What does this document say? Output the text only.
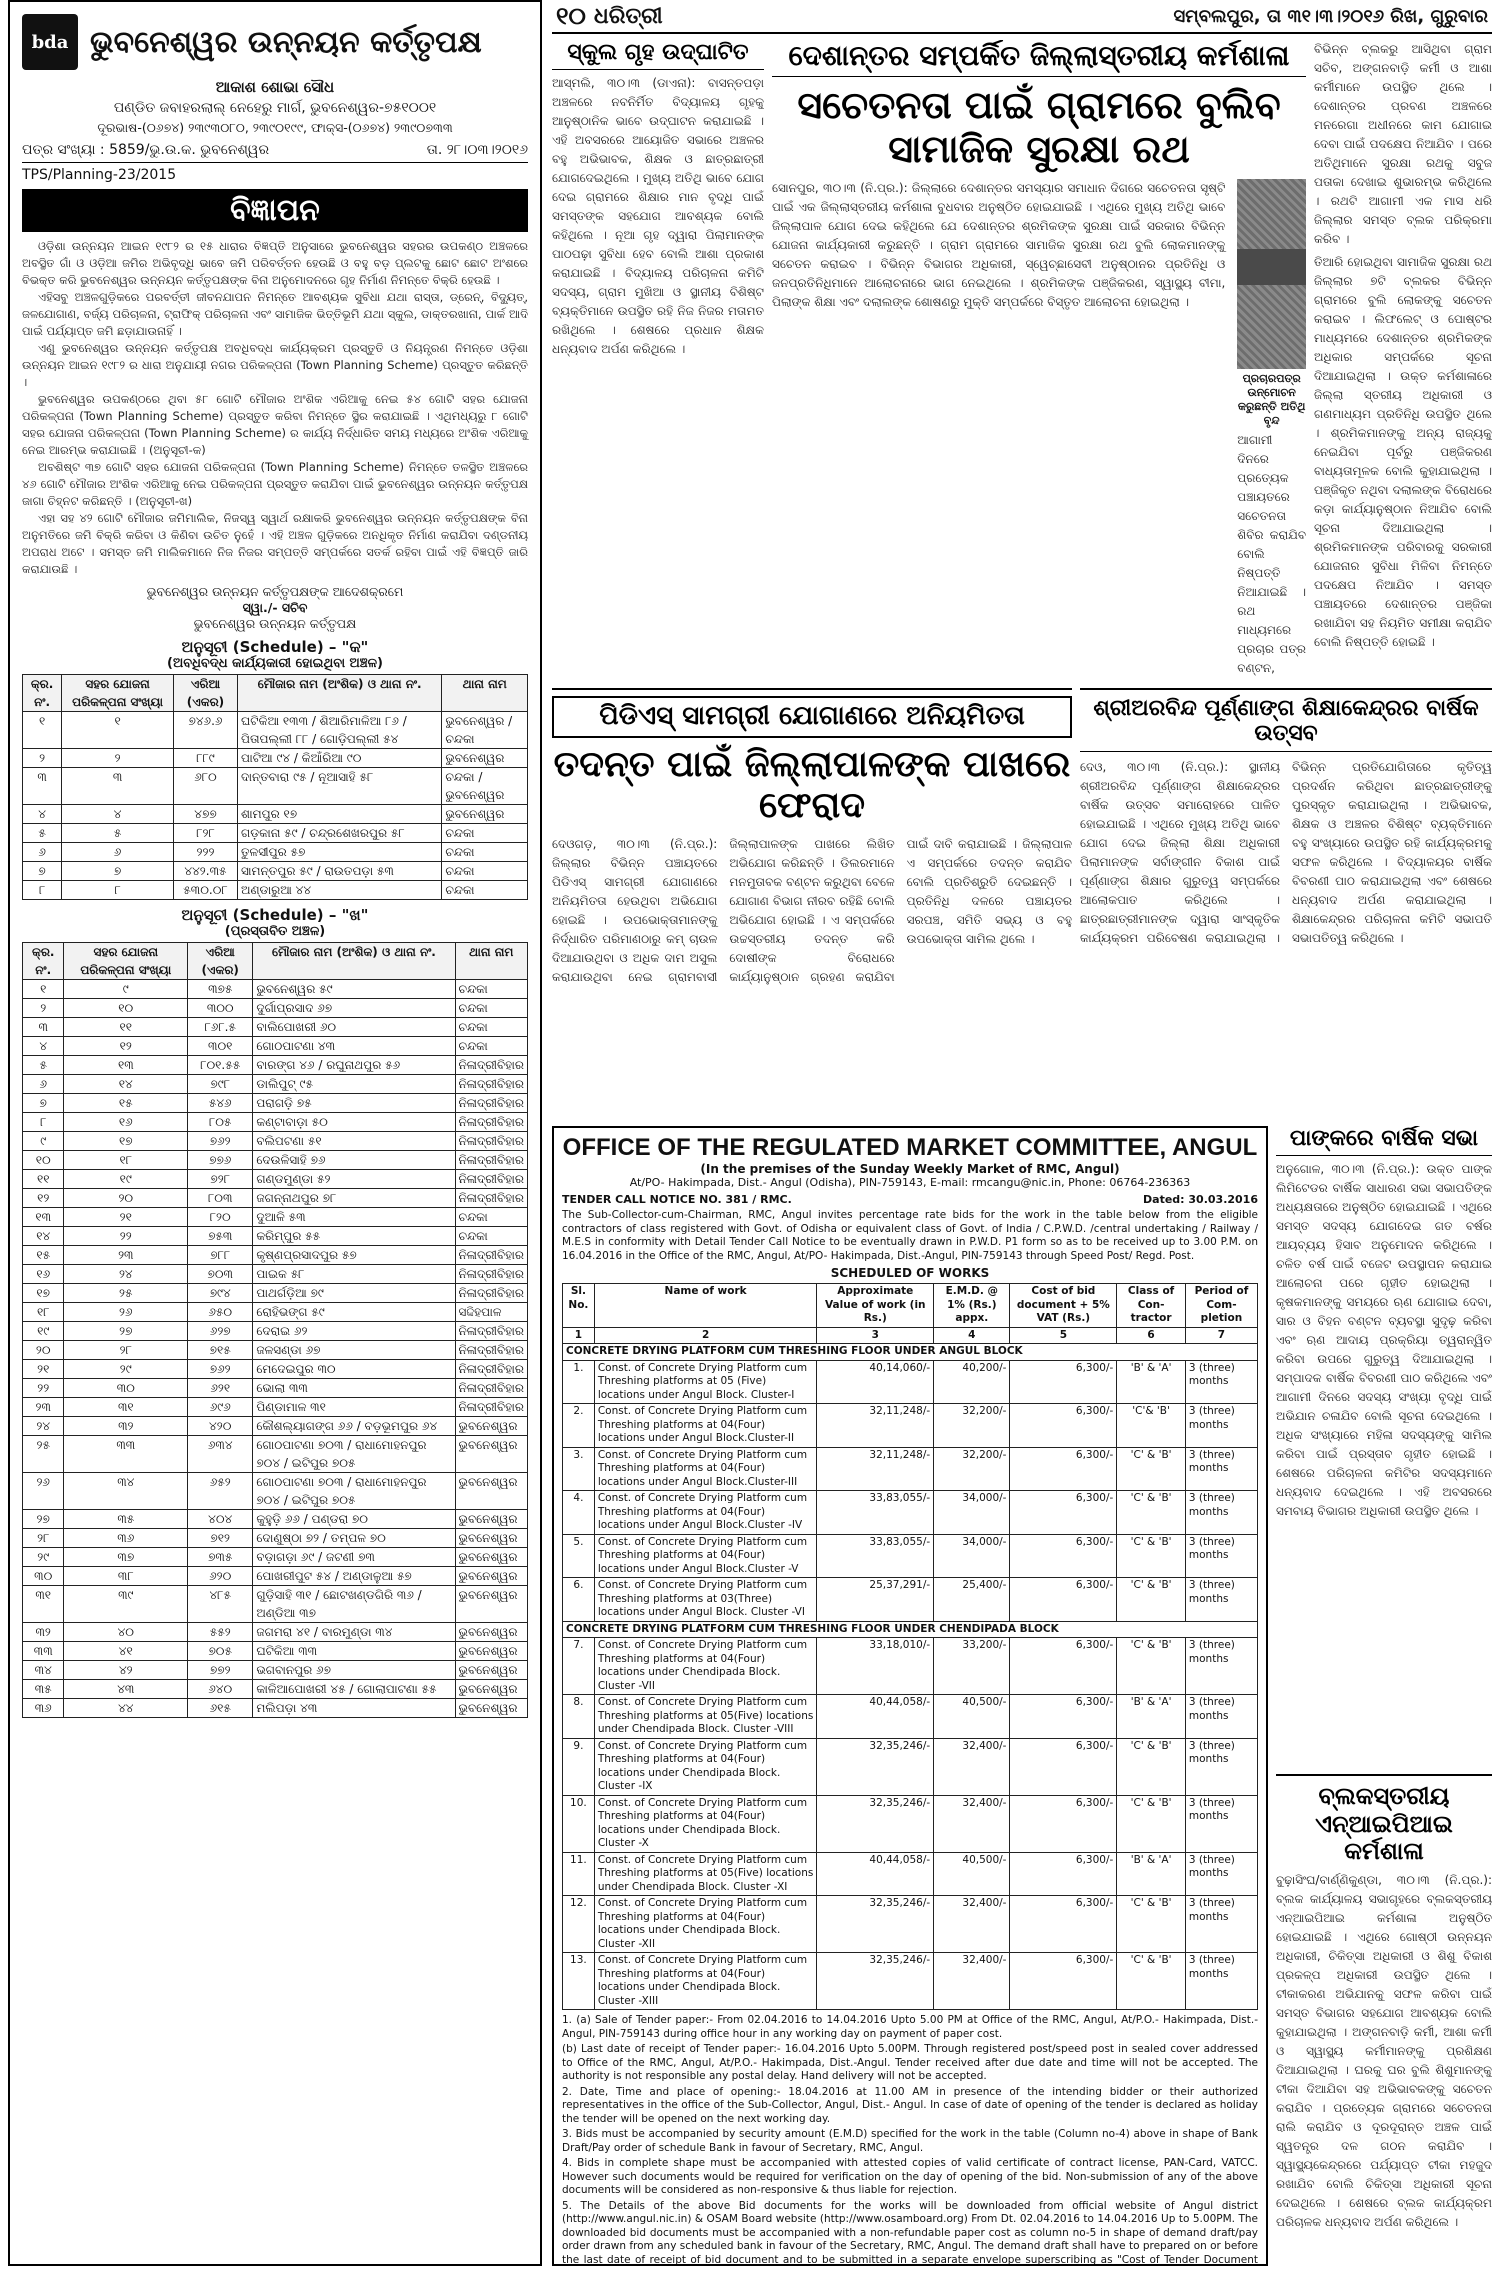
bda ଭୁବନେଶ୍ୱର ଉନ୍ନୟନ କର୍ତ୍ତୃପକ୍ଷ
ଆକାଶ ଶୋଭା ସୌଧ
ପଣ୍ଡିତ ଜବାହରଲାଲ୍ ନେହେରୁ ମାର୍ଗ, ଭୁବନେଶ୍ୱର-୭୫୧୦୦୧
ଦୂରଭାଷ-(୦୬୭୪) ୨୩୯୩୦୮୦, ୨୩୯୦୧୯୯, ଫାକ୍ସ-(୦୬୭୪) ୨୩୯୦୭୩୩
ପତ୍ର ସଂଖ୍ୟା : 5859/ଭୁ.ଉ.କ. ଭୁବନେଶ୍ୱର	ତା. ୨୮।୦୩।୨୦୧୬
TPS/Planning-23/2015
ବିଜ୍ଞାପନ

ଓଡ଼ିଶା ଉନ୍ନୟନ ଆଇନ ୧୯୮୨ ର ୧୫ ଧାରାର ବିଜ୍ଞପ୍ତି ଅନୁସାରେ ଭୁବନେଶ୍ୱର ସହରର ଉପକଣ୍ଠ ଅଞ୍ଚଳରେ ଅବସ୍ଥିତ ଗାଁ ଓ ଓଡ଼ିଆ ଜମିର ଅଭିବୃଦ୍ଧି ଭାବେ ଜମି ପରିବର୍ତ୍ତନ ହେଉଛି ଓ ବହୁ ବଡ଼ ପ୍ଲଟକୁ ଛୋଟ ଛୋଟ ଅଂଶରେ ବିଭକ୍ତ କରି ଭୁବନେଶ୍ୱର ଉନ୍ନୟନ କର୍ତ୍ତୃପକ୍ଷଙ୍କ ବିନା ଅନୁମୋଦନରେ ଗୃହ ନିର୍ମାଣ ନିମନ୍ତେ ବିକ୍ରି ହେଉଛି ।

ଏହିସବୁ ଅଞ୍ଚଳଗୁଡ଼ିକରେ ପରବର୍ତ୍ତୀ ଜୀବନଯାପନ ନିମନ୍ତେ ଆବଶ୍ୟକ ସୁବିଧା ଯଥା ରାସ୍ତା, ଡ୍ରେନ୍, ବିଦ୍ୟୁତ୍, ଜଳଯୋଗାଣ, ବର୍ଜ୍ୟ ପରିଚାଳନା, ଟ୍ରାଫିକ୍ ପରିଚାଳନା ଏବଂ ସାମାଜିକ ଭିତ୍ତିଭୂମି ଯଥା ସ୍କୁଲ, ଡାକ୍ତରଖାନା, ପାର୍କ ଆଦି ପାଇଁ ପର୍ଯ୍ୟାପ୍ତ ଜମି ଛଡ଼ାଯାଉନାହିଁ ।

ଏଣୁ ଭୁବନେଶ୍ୱର ଉନ୍ନୟନ କର୍ତ୍ତୃପକ୍ଷ ଅବଧିବଦ୍ଧ କାର୍ଯ୍ୟକ୍ରମ ପ୍ରସ୍ତୁତି ଓ ନିୟନ୍ତ୍ରଣ ନିମନ୍ତେ ଓଡ଼ିଶା ଉନ୍ନୟନ ଆଇନ ୧୯୮୨ ର ଧାରା ଅନୁଯାୟୀ ନଗର ପରିକଳ୍ପନା (Town Planning Scheme) ପ୍ରସ୍ତୁତ କରିଛନ୍ତି ।

ଭୁବନେଶ୍ୱର ଉପକଣ୍ଠରେ ଥିବା ୫୮ ଗୋଟି ମୌଜାର ଅଂଶିକ ଏରିଆକୁ ନେଇ ୫୪ ଗୋଟି ସହର ଯୋଜନା ପରିକଳ୍ପନା (Town Planning Scheme) ପ୍ରସ୍ତୁତ କରିବା ନିମନ୍ତେ ସ୍ଥିର କରାଯାଇଛି । ଏଥିମଧ୍ୟରୁ ୮ ଗୋଟି ସହର ଯୋଜନା ପରିକଳ୍ପନା (Town Planning Scheme) ର କାର୍ଯ୍ୟ ନିର୍ଦ୍ଧାରିତ ସମୟ ମଧ୍ୟରେ ଅଂଶିକ ଏରିଆକୁ ନେଇ ଆରମ୍ଭ କରାଯାଇଛି । (ଅନୁସୂଚୀ-କ)

ଅବଶିଷ୍ଟ ୩୭ ଗୋଟି ସହର ଯୋଜନା ପରିକଳ୍ପନା (Town Planning Scheme) ନିମନ୍ତେ ତଳସ୍ଥିତ ଅଞ୍ଚଳରେ ୪୬ ଗୋଟି ମୌଜାର ଅଂଶିକ ଏରିଆକୁ ନେଇ ପରିକଳ୍ପନା ପ୍ରସ୍ତୁତ କରାଯିବା ପାଇଁ ଭୁବନେଶ୍ୱର ଉନ୍ନୟନ କର୍ତ୍ତୃପକ୍ଷ ଜାଗା ଚିହ୍ନଟ କରିଛନ୍ତି । (ଅନୁସୂଚୀ-ଖ)

ଏହା ସହ ୪୨ ଗୋଟି ମୌଜାର ଜମିମାଲିକ, ନିଜସ୍ୱ ସ୍ୱାର୍ଥ ରକ୍ଷାକରି ଭୁବନେଶ୍ୱର ଉନ୍ନୟନ କର୍ତ୍ତୃପକ୍ଷଙ୍କ ବିନା ଅନୁମତିରେ ଜମି ବିକ୍ରି କରିବା ଓ କିଣିବା ଉଚିତ ନୁହେଁ । ଏହି ଅଞ୍ଚଳ ଗୁଡ଼ିକରେ ଅନଧିକୃତ ନିର୍ମାଣ କରାଯିବା ଦଣ୍ଡନୀୟ ଅପରାଧ ଅଟେ । ସମସ୍ତ ଜମି ମାଲିକମାନେ ନିଜ ନିଜର ସମ୍ପତ୍ତି ସମ୍ପର୍କରେ ସତର୍କ ରହିବା ପାଇଁ ଏହି ବିଜ୍ଞପ୍ତି ଜାରି କରାଯାଉଛି ।

ଭୁବନେଶ୍ୱର ଉନ୍ନୟନ କର୍ତ୍ତୃପକ୍ଷଙ୍କ ଆଦେଶକ୍ରମେ
ସ୍ୱା./- ସଚିବ
ଭୁବନେଶ୍ୱର ଉନ୍ନୟନ କର୍ତ୍ତୃପକ୍ଷ
ଅନୁସୂଚୀ (Schedule) – "କ"
(ଅବଧିବଦ୍ଧ କାର୍ଯ୍ୟକାରୀ ହୋଇଥିବା ଅଞ୍ଚଳ)
କ୍ର. ନଂ.	ସହର ଯୋଜନା ପରିକଳ୍ପନା ସଂଖ୍ୟା	ଏରିଆ (ଏକର)	ମୌଜାର ନାମ (ଅଂଶିକ) ଓ ଥାନା ନଂ.	ଥାନା ନାମ
୧	୧	୭୪୬.୬	ଘଟିକିଆ ୧୩୩ / ଶିଆରିମାଳିଆ ୮୬ / ପିତାପଲ୍ଲୀ ୮୮ / ଗୋଡ଼ିପଲ୍ଲୀ ୫୪	ଭୁବନେଶ୍ୱର / ଚନ୍ଦକା
୨	୨	୮୮୯	ପାଟିଆ ୯୪ / କିଆଁରିଆ ୯୦	ଭୁବନେଶ୍ୱର
୩	୩	୬୮୦	ଦାନ୍ତବାରା ୯୫ / ନୂଆସାହି ୫୮	ଚନ୍ଦକା / ଭୁବନେଶ୍ୱର
୪	୪	୪୭୭	ଶାମପୁର ୧୭	ଭୁବନେଶ୍ୱର
୫	୫	୮୨୮	ଗଡ଼କାନା ୫୯ / ଚନ୍ଦ୍ରଶେଖରପୁର ୫୮	ଚନ୍ଦକା
୬	୬	୨୨୨	ତୁଳସୀପୁର ୫୭	ଚନ୍ଦକା
୭	୭	୪୪୨.୩୫	ସାମନ୍ତପୁର ୫୯ / ରାଉତପଡ଼ା ୫୩	ଚନ୍ଦକା
୮	୮	୫୩୦.୦୮	ଅଣ୍ଡାରୁଆ ୪୪	ଚନ୍ଦକା
ଅନୁସୂଚୀ (Schedule) – "ଖ"
(ପ୍ରସ୍ତାବିତ ଅଞ୍ଚଳ)
କ୍ର. ନଂ.	ସହର ଯୋଜନା ପରିକଳ୍ପନା ସଂଖ୍ୟା	ଏରିଆ (ଏକର)	ମୌଜାର ନାମ (ଅଂଶିକ) ଓ ଥାନା ନଂ.	ଥାନା ନାମ
୧	୯	୩୭୫	ଭୁବନେଶ୍ୱର ୫୯	ଚନ୍ଦକା
୨	୧୦	୩୦୦	ଦୁର୍ଗାପ୍ରସାଦ ୬୭	ଚନ୍ଦକା
୩	୧୧	୮୬୮.୫	ବାଲିପୋଖରୀ ୬୦	ଚନ୍ଦକା
୪	୧୨	୩୦୧	ଗୋଠପାଟଣା ୪୩	ଚନ୍ଦକା
୫	୧୩	୮୦୧.୫୫	ବାରଙ୍ଗ ୪୬ / ରଘୁନାଥପୁର ୫୬	ନିଳାଦ୍ରୀବିହାର
୬	୧୪	୭୯୮	ଡାଲିପୁଟ୍ ୯୫	ନିଳାଦ୍ରୀବିହାର
୭	୧୫	୫୪୬	ପରାଗଡ଼ି ୭୫	ନିଳାଦ୍ରୀବିହାର
୮	୧୬	୮୦୫	କଣ୍ଟାବାଡ଼ା ୫୦	ନିଳାଦ୍ରୀବିହାର
୯	୧୭	୭୬୨	ବଲିପଟଣା ୫୧	ନିଳାଦ୍ରୀବିହାର
୧୦	୧୮	୭୭୬	ଦେଉଳିସାହି ୭୬	ନିଳାଦ୍ରୀବିହାର
୧୧	୧୯	୭୨୮	ଗଣ୍ଡମୁଣ୍ଡା ୫୨	ନିଳାଦ୍ରୀବିହାର
୧୨	୨୦	୮୦୩	ଜଗନ୍ନାଥପୁର ୭୮	ନିଳାଦ୍ରୀବିହାର
୧୩	୨୧	୮୨୦	ଦୁଆଳି ୫୩	ଚନ୍ଦକା
୧୪	୨୨	୭୫୩	କରିମ୍ପୁର ୫୫	ଚନ୍ଦକା
୧୫	୨୩	୭୮୮	କୃଷ୍ଣପ୍ରସାଦପୁର ୫୭	ନିଳାଦ୍ରୀବିହାର
୧୬	୨୪	୭୦୩	ପାଇକ ୫୮	ନିଳାଦ୍ରୀବିହାର
୧୭	୨୫	୭୯୪	ପାଥର୍ଗଡ଼ିଆ ୭୯	ନିଳାଦ୍ରୀବିହାର
୧୮	୨୬	୬୫୦	ରୋହିଭଙ୍ଗ ୫୯	ସଦ୍ଦିହପାଳ
୧୯	୨୭	୬୨୭	ଦେରାଇ ୬୨	ନିଳାଦ୍ରୀବିହାର
୨୦	୨୮	୭୧୫	ଜଳସଣ୍ଡା ୬୭	ନିଳାଦ୍ରୀବିହାର
୨୧	୨୯	୭୬୨	ମେଦେଇପୁର ୩୦	ନିଳାଦ୍ରୀବିହାର
୨୨	୩୦	୬୨୧	ଭୋଲା ୩୩	ନିଳାଦ୍ରୀବିହାର
୨୩	୩୧	୬୯୬	ପିଣ୍ଡାମାଳ ୩୧	ନିଳାଦ୍ରୀବିହାର
୨୪	୩୨	୪୨୦	କୌଶଲ୍ୟାଗଙ୍ଗ ୬୬ / ବଡ଼ଭୂମପୁର ୬୪	ଭୁବନେଶ୍ୱର
୨୫	୩୩	୬୩୪	ଗୋଠପାଟଣା ୭୦୩ / ରାଧାମୋହନପୁର ୭୦୪ / ଇଟିପୁର ୭୦୫	ଭୁବନେଶ୍ୱର
୨୬	୩୪	୬୫୨	ଗୋଠପାଟଣା ୭୦୩ / ରାଧାମୋହନପୁର ୭୦୪ / ଇଟିପୁର ୭୦୫	ଭୁବନେଶ୍ୱର
୨୭	୩୫	୪୦୪	କୁହୁଡ଼ି ୬୬ / ପଣ୍ଡରା ୭୦	ଭୁବନେଶ୍ୱର
୨୮	୩୬	୭୧୨	ଦୋଣୁଷ୍ଠା ୭୨ / ତମ୍ପଳ ୭୦	ଭୁବନେଶ୍ୱର
୨୯	୩୭	୭୩୫	ବଡ଼ାଗଡ଼ା ୬୯ / ଜଟଣୀ ୭୩	ଭୁବନେଶ୍ୱର
୩୦	୩୮	୬୨୦	ପୋଖରୀପୁଟ ୫୪ / ଅଣ୍ଡାଳୁଆ ୫୭	ଭୁବନେଶ୍ୱର
୩୧	୩୯	୪୮୫	ଗୁଡ଼ିସାହି ୩୧ / ଛୋଟଖଣ୍ଡଗିରି ୩୬ / ଅଣ୍ଡିଆ ୩୭	ଭୁବନେଶ୍ୱର
୩୨	୪୦	୫୫୨	ଜଗମରା ୪୧ / ବାରମୁଣ୍ଡା ୩୪	ଭୁବନେଶ୍ୱର
୩୩	୪୧	୭୦୫	ଘଟିକିଆ ୩୩	ଭୁବନେଶ୍ୱର
୩୪	୪୨	୭୭୨	ଭଗବାନପୁର ୬୭	ଭୁବନେଶ୍ୱର
୩୫	୪୩	୬୪୦	କାଳିଆପୋଖରୀ ୪୫ / ଗୋଲାପାଟଣା ୫୫	ଭୁବନେଶ୍ୱର
୩୬	୪୪	୬୧୫	ମଲିପଡ଼ା ୪୩	ଭୁବନେଶ୍ୱର
୧୦ ଧରିତ୍ରୀ	ସମ୍ବଲପୁର, ତା ୩୧।୩।୨୦୧୬ ରିଖ, ଗୁରୁବାର
ସ୍କୁଲ ଗୃହ ଉଦ୍‌ଘାଟିତ

ଆସ୍ମଲି, ୩୦।୩ (ଡାଏନା): ବାସନ୍ତପଡ଼ା ଅଞ୍ଚଳରେ ନବନିର୍ମିତ ବିଦ୍ୟାଳୟ ଗୃହକୁ ଆନୁଷ୍ଠାନିକ ଭାବେ ଉଦ୍‌ଘାଟନ କରାଯାଇଛି । ଏହି ଅବସରରେ ଆୟୋଜିତ ସଭାରେ ଅଞ୍ଚଳର ବହୁ ଅଭିଭାବକ, ଶିକ୍ଷକ ଓ ଛାତ୍ରଛାତ୍ରୀ ଯୋଗଦେଇଥିଲେ । ମୁଖ୍ୟ ଅତିଥି ଭାବେ ଯୋଗ ଦେଇ ଗ୍ରାମରେ ଶିକ୍ଷାର ମାନ ବୃଦ୍ଧି ପାଇଁ ସମସ୍ତଙ୍କ ସହଯୋଗ ଆବଶ୍ୟକ ବୋଲି କହିଥିଲେ । ନୂଆ ଗୃହ ଦ୍ୱାରା ପିଲାମାନଙ୍କ ପାଠପଢ଼ା ସୁବିଧା ହେବ ବୋଲି ଆଶା ପ୍ରକାଶ କରାଯାଇଛି । ବିଦ୍ୟାଳୟ ପରିଚାଳନା କମିଟି ସଦସ୍ୟ, ଗ୍ରାମ ମୁଖିଆ ଓ ସ୍ଥାନୀୟ ବିଶିଷ୍ଟ ବ୍ୟକ୍ତିମାନେ ଉପସ୍ଥିତ ରହି ନିଜ ନିଜର ମତାମତ ରଖିଥିଲେ । ଶେଷରେ ପ୍ରଧାନ ଶିକ୍ଷକ ଧନ୍ୟବାଦ ଅର୍ପଣ କରିଥିଲେ ।

ଦେଶାନ୍ତର ସମ୍ପର୍କିତ ଜିଲ୍ଲାସ୍ତରୀୟ କର୍ମଶାଳା
ସଚେତନତା ପାଇଁ ଗ୍ରାମରେ ବୁଲିବ ସାମାଜିକ ସୁରକ୍ଷା ରଥ

ସୋନପୁର, ୩୦।୩ (ନି.ପ୍ର.): ଜିଲ୍ଲାରେ ଦେଶାନ୍ତର ସମସ୍ୟାର ସମାଧାନ ଦିଗରେ ସଚେତନତା ସୃଷ୍ଟି ପାଇଁ ଏକ ଜିଲ୍ଲାସ୍ତରୀୟ କର୍ମଶାଳା ବୁଧବାର ଅନୁଷ୍ଠିତ ହୋଇଯାଇଛି । ଏଥିରେ ମୁଖ୍ୟ ଅତିଥି ଭାବେ ଜିଲ୍ଲାପାଳ ଯୋଗ ଦେଇ କହିଥିଲେ ଯେ ଦେଶାନ୍ତର ଶ୍ରମିକଙ୍କ ସୁରକ୍ଷା ପାଇଁ ସରକାର ବିଭିନ୍ନ ଯୋଜନା କାର୍ଯ୍ୟକାରୀ କରୁଛନ୍ତି । ଗ୍ରାମ ଗ୍ରାମରେ ସାମାଜିକ ସୁରକ୍ଷା ରଥ ବୁଲି ଲୋକମାନଙ୍କୁ ସଚେତନ କରାଇବ । ବିଭିନ୍ନ ବିଭାଗର ଅଧିକାରୀ, ସ୍ୱେଚ୍ଛାସେବୀ ଅନୁଷ୍ଠାନର ପ୍ରତିନିଧି ଓ ଜନପ୍ରତିନିଧିମାନେ ଆଲୋଚନାରେ ଭାଗ ନେଇଥିଲେ । ଶ୍ରମିକଙ୍କ ପଞ୍ଜିକରଣ, ସ୍ୱାସ୍ଥ୍ୟ ବୀମା, ପିଲାଙ୍କ ଶିକ୍ଷା ଏବଂ ଦଲାଲଙ୍କ ଶୋଷଣରୁ ମୁକ୍ତି ସମ୍ପର୍କରେ ବିସ୍ତୃତ ଆଲୋଚନା ହୋଇଥିଲା ।

ପ୍ରଚାରପତ୍ର ଉନ୍ମୋଚନ କରୁଛନ୍ତି ଅତିଥି ବୃନ୍ଦ

ଆଗାମୀ ଦିନରେ ପ୍ରତ୍ୟେକ ପଞ୍ଚାୟତରେ ସଚେତନତା ଶିବିର କରାଯିବ ବୋଲି ନିଷ୍ପତ୍ତି ନିଆଯାଇଛି । ରଥ ମାଧ୍ୟମରେ ପ୍ରଚାର ପତ୍ର ବଣ୍ଟନ,

ବିଭିନ୍ନ ବ୍ଲକରୁ ଆସିଥିବା ଗ୍ରାମ ସଚିବ, ଅଙ୍ଗନବାଡ଼ି କର୍ମୀ ଓ ଆଶା କର୍ମୀମାନେ ଉପସ୍ଥିତ ଥିଲେ । ଦେଶାନ୍ତର ପ୍ରବଣ ଅଞ୍ଚଳରେ ମନରେଗା ଅଧୀନରେ କାମ ଯୋଗାଇ ଦେବା ପାଇଁ ପଦକ୍ଷେପ ନିଆଯିବ । ପରେ ଅତିଥିମାନେ ସୁରକ୍ଷା ରଥକୁ ସବୁଜ ପତାକା ଦେଖାଇ ଶୁଭାରମ୍ଭ କରିଥିଲେ । ରଥଟି ଆଗାମୀ ଏକ ମାସ ଧରି ଜିଲ୍ଲାର ସମସ୍ତ ବ୍ଲକ ପରିକ୍ରମା କରିବ ।

ତିଆରି ହୋଇଥିବା ସାମାଜିକ ସୁରକ୍ଷା ରଥ ଜିଲ୍ଲାର ୭ଟି ବ୍ଲକର ବିଭିନ୍ନ ଗ୍ରାମରେ ବୁଲି ଲୋକଙ୍କୁ ସଚେତନ କରାଇବ । ଲିଫଲେଟ୍ ଓ ପୋଷ୍ଟର ମାଧ୍ୟମରେ ଦେଶାନ୍ତର ଶ୍ରମିକଙ୍କ ଅଧିକାର ସମ୍ପର୍କରେ ସୂଚନା ଦିଆଯାଇଥିଲା । ଉକ୍ତ କର୍ମଶାଳାରେ ଜିଲ୍ଲା ସ୍ତରୀୟ ଅଧିକାରୀ ଓ ଗଣମାଧ୍ୟମ ପ୍ରତିନିଧି ଉପସ୍ଥିତ ଥିଲେ । ଶ୍ରମିକମାନଙ୍କୁ ଅନ୍ୟ ରାଜ୍ୟକୁ ନେଇଯିବା ପୂର୍ବରୁ ପଞ୍ଜିକରଣ ବାଧ୍ୟତାମୂଳକ ବୋଲି କୁହାଯାଇଥିଲା । ପଞ୍ଜିକୃତ ନଥିବା ଦଲାଲଙ୍କ ବିରୋଧରେ କଡ଼ା କାର୍ଯ୍ୟାନୁଷ୍ଠାନ ନିଆଯିବ ବୋଲି ସୂଚନା ଦିଆଯାଇଥିଲା । ଶ୍ରମିକମାନଙ୍କ ପରିବାରକୁ ସରକାରୀ ଯୋଜନାର ସୁବିଧା ମିଳିବା ନିମନ୍ତେ ପଦକ୍ଷେପ ନିଆଯିବ । ସମସ୍ତ ପଞ୍ଚାୟତରେ ଦେଶାନ୍ତର ପଞ୍ଜିକା ରଖାଯିବା ସହ ନିୟମିତ ସମୀକ୍ଷା କରାଯିବ ବୋଲି ନିଷ୍ପତ୍ତି ହୋଇଛି ।

ପିଡିଏସ୍ ସାମଗ୍ରୀ ଯୋଗାଣରେ ଅନିୟମିତତା
ତଦନ୍ତ ପାଇଁ ଜିଲ୍ଲାପାଳଙ୍କ ପାଖରେ ଫେରାଦ

ଦେଓଗଡ଼, ୩୦।୩ (ନି.ପ୍ର.): ଜିଲ୍ଲାର ବିଭିନ୍ନ ପଞ୍ଚାୟତରେ ପିଡିଏସ୍ ସାମଗ୍ରୀ ଯୋଗାଣରେ ଅନିୟମିତତା ହେଉଥିବା ଅଭିଯୋଗ ହୋଇଛି । ଉପଭୋକ୍ତାମାନଙ୍କୁ ନିର୍ଦ୍ଧାରିତ ପରିମାଣଠାରୁ କମ୍ ଚାଉଳ ଦିଆଯାଉଥିବା ଓ ଅଧିକ ଦାମ ଅସୁଲ କରାଯାଉଥିବା ନେଇ ଗ୍ରାମବାସୀ ଜିଲ୍ଲାପାଳଙ୍କ ପାଖରେ ଲିଖିତ ଅଭିଯୋଗ କରିଛନ୍ତି । ଡିଲରମାନେ ମନମୁତାବକ ବଣ୍ଟନ କରୁଥିବା ବେଳେ ଯୋଗାଣ ବିଭାଗ ନୀରବ ରହିଛି ବୋଲି ଅଭିଯୋଗ ହୋଇଛି । ଏ ସମ୍ପର୍କରେ ଉଚ୍ଚସ୍ତରୀୟ ତଦନ୍ତ କରି ଦୋଷୀଙ୍କ ବିରୋଧରେ କାର୍ଯ୍ୟାନୁଷ୍ଠାନ ଗ୍ରହଣ କରାଯିବା ପାଇଁ ଦାବି କରାଯାଇଛି । ଜିଲ୍ଲାପାଳ ଏ ସମ୍ପର୍କରେ ତଦନ୍ତ କରାଯିବ ବୋଲି ପ୍ରତିଶ୍ରୁତି ଦେଇଛନ୍ତି । ପ୍ରତିନିଧି ଦଳରେ ପଞ୍ଚାୟତର ସରପଞ୍ଚ, ସମିତି ସଭ୍ୟ ଓ ବହୁ ଉପଭୋକ୍ତା ସାମିଲ ଥିଲେ ।

ଶ୍ରୀଅରବିନ୍ଦ ପୂର୍ଣ୍ଣାଙ୍ଗ ଶିକ୍ଷାକେନ୍ଦ୍ରର ବାର୍ଷିକ ଉତ୍ସବ

ଦେଓ, ୩୦।୩ (ନି.ପ୍ର.): ସ୍ଥାନୀୟ ଶ୍ରୀଅରବିନ୍ଦ ପୂର୍ଣ୍ଣାଙ୍ଗ ଶିକ୍ଷାକେନ୍ଦ୍ରର ବାର୍ଷିକ ଉତ୍ସବ ସମାରୋହରେ ପାଳିତ ହୋଇଯାଇଛି । ଏଥିରେ ମୁଖ୍ୟ ଅତିଥି ଭାବେ ଯୋଗ ଦେଇ ଜିଲ୍ଲା ଶିକ୍ଷା ଅଧିକାରୀ ପିଲାମାନଙ୍କ ସର୍ବାଙ୍ଗୀନ ବିକାଶ ପାଇଁ ପୂର୍ଣ୍ଣାଙ୍ଗ ଶିକ୍ଷାର ଗୁରୁତ୍ୱ ସମ୍ପର୍କରେ ଆଲୋକପାତ କରିଥିଲେ । ଛାତ୍ରଛାତ୍ରୀମାନଙ୍କ ଦ୍ୱାରା ସାଂସ୍କୃତିକ କାର୍ଯ୍ୟକ୍ରମ ପରିବେଷଣ କରାଯାଇଥିଲା । ବିଭିନ୍ନ ପ୍ରତିଯୋଗିତାରେ କୃତିତ୍ୱ ପ୍ରଦର୍ଶନ କରିଥିବା ଛାତ୍ରଛାତ୍ରୀଙ୍କୁ ପୁରସ୍କୃତ କରାଯାଇଥିଲା । ଅଭିଭାବକ, ଶିକ୍ଷକ ଓ ଅଞ୍ଚଳର ବିଶିଷ୍ଟ ବ୍ୟକ୍ତିମାନେ ବହୁ ସଂଖ୍ୟାରେ ଉପସ୍ଥିତ ରହି କାର୍ଯ୍ୟକ୍ରମକୁ ସଫଳ କରିଥିଲେ । ବିଦ୍ୟାଳୟର ବାର୍ଷିକ ବିବରଣୀ ପାଠ କରାଯାଇଥିଲା ଏବଂ ଶେଷରେ ଧନ୍ୟବାଦ ଅର୍ପଣ କରାଯାଇଥିଲା । ଶିକ୍ଷାକେନ୍ଦ୍ରର ପରିଚାଳନା କମିଟି ସଭାପତି ସଭାପତିତ୍ୱ କରିଥିଲେ ।

OFFICE OF THE REGULATED MARKET COMMITTEE, ANGUL
(In the premises of the Sunday Weekly Market of RMC, Angul)
At/PO- Hakimpada, Dist.- Angul (Odisha), PIN-759143, E-mail: rmcangu@nic.in, Phone: 06764-236363
TENDER CALL NOTICE NO. 381 / RMC.	Dated: 30.03.2016

The Sub-Collector-cum-Chairman, RMC, Angul invites percentage rate bids for the work in the table below from the eligible contractors of class registered with Govt. of Odisha or equivalent class of Govt. of India / C.P.W.D. /central undertaking / Railway / M.E.S in conformity with Detail Tender Call Notice to be eventually drawn in P.W.D. P1 form so as to be received up to 3.00 P.M. on 16.04.2016 in the Office of the RMC, Angul, At/PO- Hakimpada, Dist.-Angul, PIN-759143 through Speed Post/ Regd. Post.

SCHEDULED OF WORKS
Sl. No.	Name of work	Approximate Value of work (in Rs.)	E.M.D. @ 1% (Rs.) appx.	Cost of bid document + 5% VAT (Rs.)	Class of Con- tractor	Period of Com- pletion
1	2	3	4	5	6	7
CONCRETE DRYING PLATFORM CUM THRESHING FLOOR UNDER ANGUL BLOCK						
1.	Const. of Concrete Drying Platform cum Threshing platforms at 05 (Five) locations under Angul Block. Cluster-I	40,14,060/-	40,200/-	6,300/-	'B' & 'A'	3 (three) months
2.	Const. of Concrete Drying Platform cum Threshing platforms at 04(Four) locations under Angul Block.Cluster-II	32,11,248/-	32,200/-	6,300/-	'C'& 'B'	3 (three) months
3.	Const. of Concrete Drying Platform cum Threshing platforms at 04(Four) locations under Angul Block.Cluster-III	32,11,248/-	32,200/-	6,300/-	'C' & 'B'	3 (three) months
4.	Const. of Concrete Drying Platform cum Threshing platforms at 04(Four) locations under Angul Block.Cluster -IV	33,83,055/-	34,000/-	6,300/-	'C' & 'B'	3 (three) months
5.	Const. of Concrete Drying Platform cum Threshing platforms at 04(Four) locations under Angul Block.Cluster -V	33,83,055/-	34,000/-	6,300/-	'C' & 'B'	3 (three) months
6.	Const. of Concrete Drying Platform cum Threshing platforms at 03(Three) locations under Angul Block. Cluster -VI	25,37,291/-	25,400/-	6,300/-	'C' & 'B'	3 (three) months
CONCRETE DRYING PLATFORM CUM THRESHING FLOOR UNDER CHENDIPADA BLOCK						
7.	Const. of Concrete Drying Platform cum Threshing platforms at 04(Four) locations under Chendipada Block. Cluster -VII	33,18,010/-	33,200/-	6,300/-	'C' & 'B'	3 (three) months
8.	Const. of Concrete Drying Platform cum Threshing platforms at 05(Five) locations under Chendipada Block. Cluster -VIII	40,44,058/-	40,500/-	6,300/-	'B' & 'A'	3 (three) months
9.	Const. of Concrete Drying Platform cum Threshing platforms at 04(Four) locations under Chendipada Block. Cluster -IX	32,35,246/-	32,400/-	6,300/-	'C' & 'B'	3 (three) months
10.	Const. of Concrete Drying Platform cum Threshing platforms at 04(Four) locations under Chendipada Block. Cluster -X	32,35,246/-	32,400/-	6,300/-	'C' & 'B'	3 (three) months
11.	Const. of Concrete Drying Platform cum Threshing platforms at 05(Five) locations under Chendipada Block. Cluster -XI	40,44,058/-	40,500/-	6,300/-	'B' & 'A'	3 (three) months
12.	Const. of Concrete Drying Platform cum Threshing platforms at 04(Four) locations under Chendipada Block. Cluster -XII	32,35,246/-	32,400/-	6,300/-	'C' & 'B'	3 (three) months
13.	Const. of Concrete Drying Platform cum Threshing platforms at 04(Four) locations under Chendipada Block. Cluster -XIII	32,35,246/-	32,400/-	6,300/-	'C' & 'B'	3 (three) months

1. (a) Sale of Tender paper:- From 02.04.2016 to 14.04.2016 Upto 5.00 PM at Office of the RMC, Angul, At/P.O.- Hakimpada, Dist.-Angul, PIN-759143 during office hour in any working day on payment of paper cost.

(b) Last date of receipt of Tender paper:- 16.04.2016 Upto 5.00PM. Through registered post/speed post in sealed cover addressed to Office of the RMC, Angul, At/P.O.- Hakimpada, Dist.-Angul. Tender received after due date and time will not be accepted. The authority is not responsible any postal delay. Hand delivery will not be accepted.

2. Date, Time and place of opening:- 18.04.2016 at 11.00 AM in presence of the intending bidder or their authorized representatives in the office of the Sub-Collector, Angul, Dist.- Angul. In case of date of opening of the tender is declared as holiday the tender will be opened on the next working day.

3. Bids must be accompanied by security amount (E.M.D) specified for the work in the table (Column no-4) above in shape of Bank Draft/Pay order of schedule Bank in favour of Secretary, RMC, Angul.

4. Bids in complete shape must be accompanied with attested copies of valid certificate of contract license, PAN-Card, VATCC. However such documents would be required for verification on the day of opening of the bid. Non-submission of any of the above documents will be considered as non-responsive & thus liable for rejection.

5. The Details of the above Bid documents for the works will be downloaded from official website of Angul district (http://www.angul.nic.in) & OSAM Board website (http://www.osamboard.org) From Dt. 02.04.2016 to 14.04.2016 Up to 5.00PM. The downloaded bid documents must be accompanied with a non-refundable paper cost as column no-5 in shape of demand draft/pay order drawn from any scheduled bank in favour of the Secretary, RMC, Angul. The demand draft shall have to prepared on or before the last date of receipt of bid document and to be submitted in a separate envelope superscribing as "Cost of Tender Document

ପାଙ୍କରେ ବାର୍ଷିକ ସଭା

ଅନୁଗୋଳ, ୩୦।୩ (ନି.ପ୍ର.): ଉକ୍ତ ପାଙ୍କ ଲିମିଟେଡର ବାର୍ଷିକ ସାଧାରଣ ସଭା ସଭାପତିଙ୍କ ଅଧ୍ୟକ୍ଷତାରେ ଅନୁଷ୍ଠିତ ହୋଇଯାଇଛି । ଏଥିରେ ସମସ୍ତ ସଦସ୍ୟ ଯୋଗଦେଇ ଗତ ବର୍ଷର ଆୟବ୍ୟୟ ହିସାବ ଅନୁମୋଦନ କରିଥିଲେ । ଚଳିତ ବର୍ଷ ପାଇଁ ବଜେଟ ଉପସ୍ଥାପନ କରାଯାଇ ଆଲୋଚନା ପରେ ଗୃହୀତ ହୋଇଥିଲା । କୃଷକମାନଙ୍କୁ ସମୟରେ ଋଣ ଯୋଗାଇ ଦେବା, ସାର ଓ ବିହନ ବଣ୍ଟନ ବ୍ୟବସ୍ଥା ସୁଦୃଢ଼ କରିବା ଏବଂ ଋଣ ଆଦାୟ ପ୍ରକ୍ରିୟା ତ୍ୱରାନ୍ୱିତ କରିବା ଉପରେ ଗୁରୁତ୍ୱ ଦିଆଯାଇଥିଲା । ସମ୍ପାଦକ ବାର୍ଷିକ ବିବରଣୀ ପାଠ କରିଥିଲେ ଏବଂ ଆଗାମୀ ଦିନରେ ସଦସ୍ୟ ସଂଖ୍ୟା ବୃଦ୍ଧି ପାଇଁ ଅଭିଯାନ ଚଳାଯିବ ବୋଲି ସୂଚନା ଦେଇଥିଲେ । ଅଧିକ ସଂଖ୍ୟାରେ ମହିଳା ସଦସ୍ୟଙ୍କୁ ସାମିଲ କରିବା ପାଇଁ ପ୍ରସ୍ତାବ ଗୃହୀତ ହୋଇଛି । ଶେଷରେ ପରିଚାଳନା କମିଟିର ସଦସ୍ୟମାନେ ଧନ୍ୟବାଦ ଦେଇଥିଲେ । ଏହି ଅବସରରେ ସମବାୟ ବିଭାଗର ଅଧିକାରୀ ଉପସ୍ଥିତ ଥିଲେ ।

ବ୍ଲକସ୍ତରୀୟ ଏନ୍‌ଆଇପିଆଇ କର୍ମଶାଳା

ବୁଢ଼ାସିଂଘ/ବାର୍ଣ୍ଣିକୁଣ୍ଡା, ୩୦।୩ (ନି.ପ୍ର.): ବ୍ଲକ କାର୍ଯ୍ୟାଳୟ ସଭାଗୃହରେ ବ୍ଲକସ୍ତରୀୟ ଏନ୍‌ଆଇପିଆଇ କର୍ମଶାଳା ଅନୁଷ୍ଠିତ ହୋଇଯାଇଛି । ଏଥିରେ ଗୋଷ୍ଠୀ ଉନ୍ନୟନ ଅଧିକାରୀ, ଚିକିତ୍ସା ଅଧିକାରୀ ଓ ଶିଶୁ ବିକାଶ ପ୍ରକଳ୍ପ ଅଧିକାରୀ ଉପସ୍ଥିତ ଥିଲେ । ଟୀକାକରଣ ଅଭିଯାନକୁ ସଫଳ କରିବା ପାଇଁ ସମସ୍ତ ବିଭାଗର ସହଯୋଗ ଆବଶ୍ୟକ ବୋଲି କୁହାଯାଇଥିଲା । ଅଙ୍ଗନବାଡ଼ି କର୍ମୀ, ଆଶା କର୍ମୀ ଓ ସ୍ୱାସ୍ଥ୍ୟ କର୍ମୀମାନଙ୍କୁ ପ୍ରଶିକ୍ଷଣ ଦିଆଯାଇଥିଲା । ଘରକୁ ଘର ବୁଲି ଶିଶୁମାନଙ୍କୁ ଟୀକା ଦିଆଯିବା ସହ ଅଭିଭାବକଙ୍କୁ ସଚେତନ କରାଯିବ । ପ୍ରତ୍ୟେକ ଗ୍ରାମରେ ସଚେତନତା ରାଲି କରାଯିବ ଓ ଦୂରଦୂରାନ୍ତ ଅଞ୍ଚଳ ପାଇଁ ସ୍ୱତନ୍ତ୍ର ଦଳ ଗଠନ କରାଯିବ । ସ୍ୱାସ୍ଥ୍ୟକେନ୍ଦ୍ରରେ ପର୍ଯ୍ୟାପ୍ତ ଟୀକା ମହଜୁଦ ରଖାଯିବ ବୋଲି ଚିକିତ୍ସା ଅଧିକାରୀ ସୂଚନା ଦେଇଥିଲେ । ଶେଷରେ ବ୍ଲକ କାର୍ଯ୍ୟକ୍ରମ ପରିଚାଳକ ଧନ୍ୟବାଦ ଅର୍ପଣ କରିଥିଲେ ।
